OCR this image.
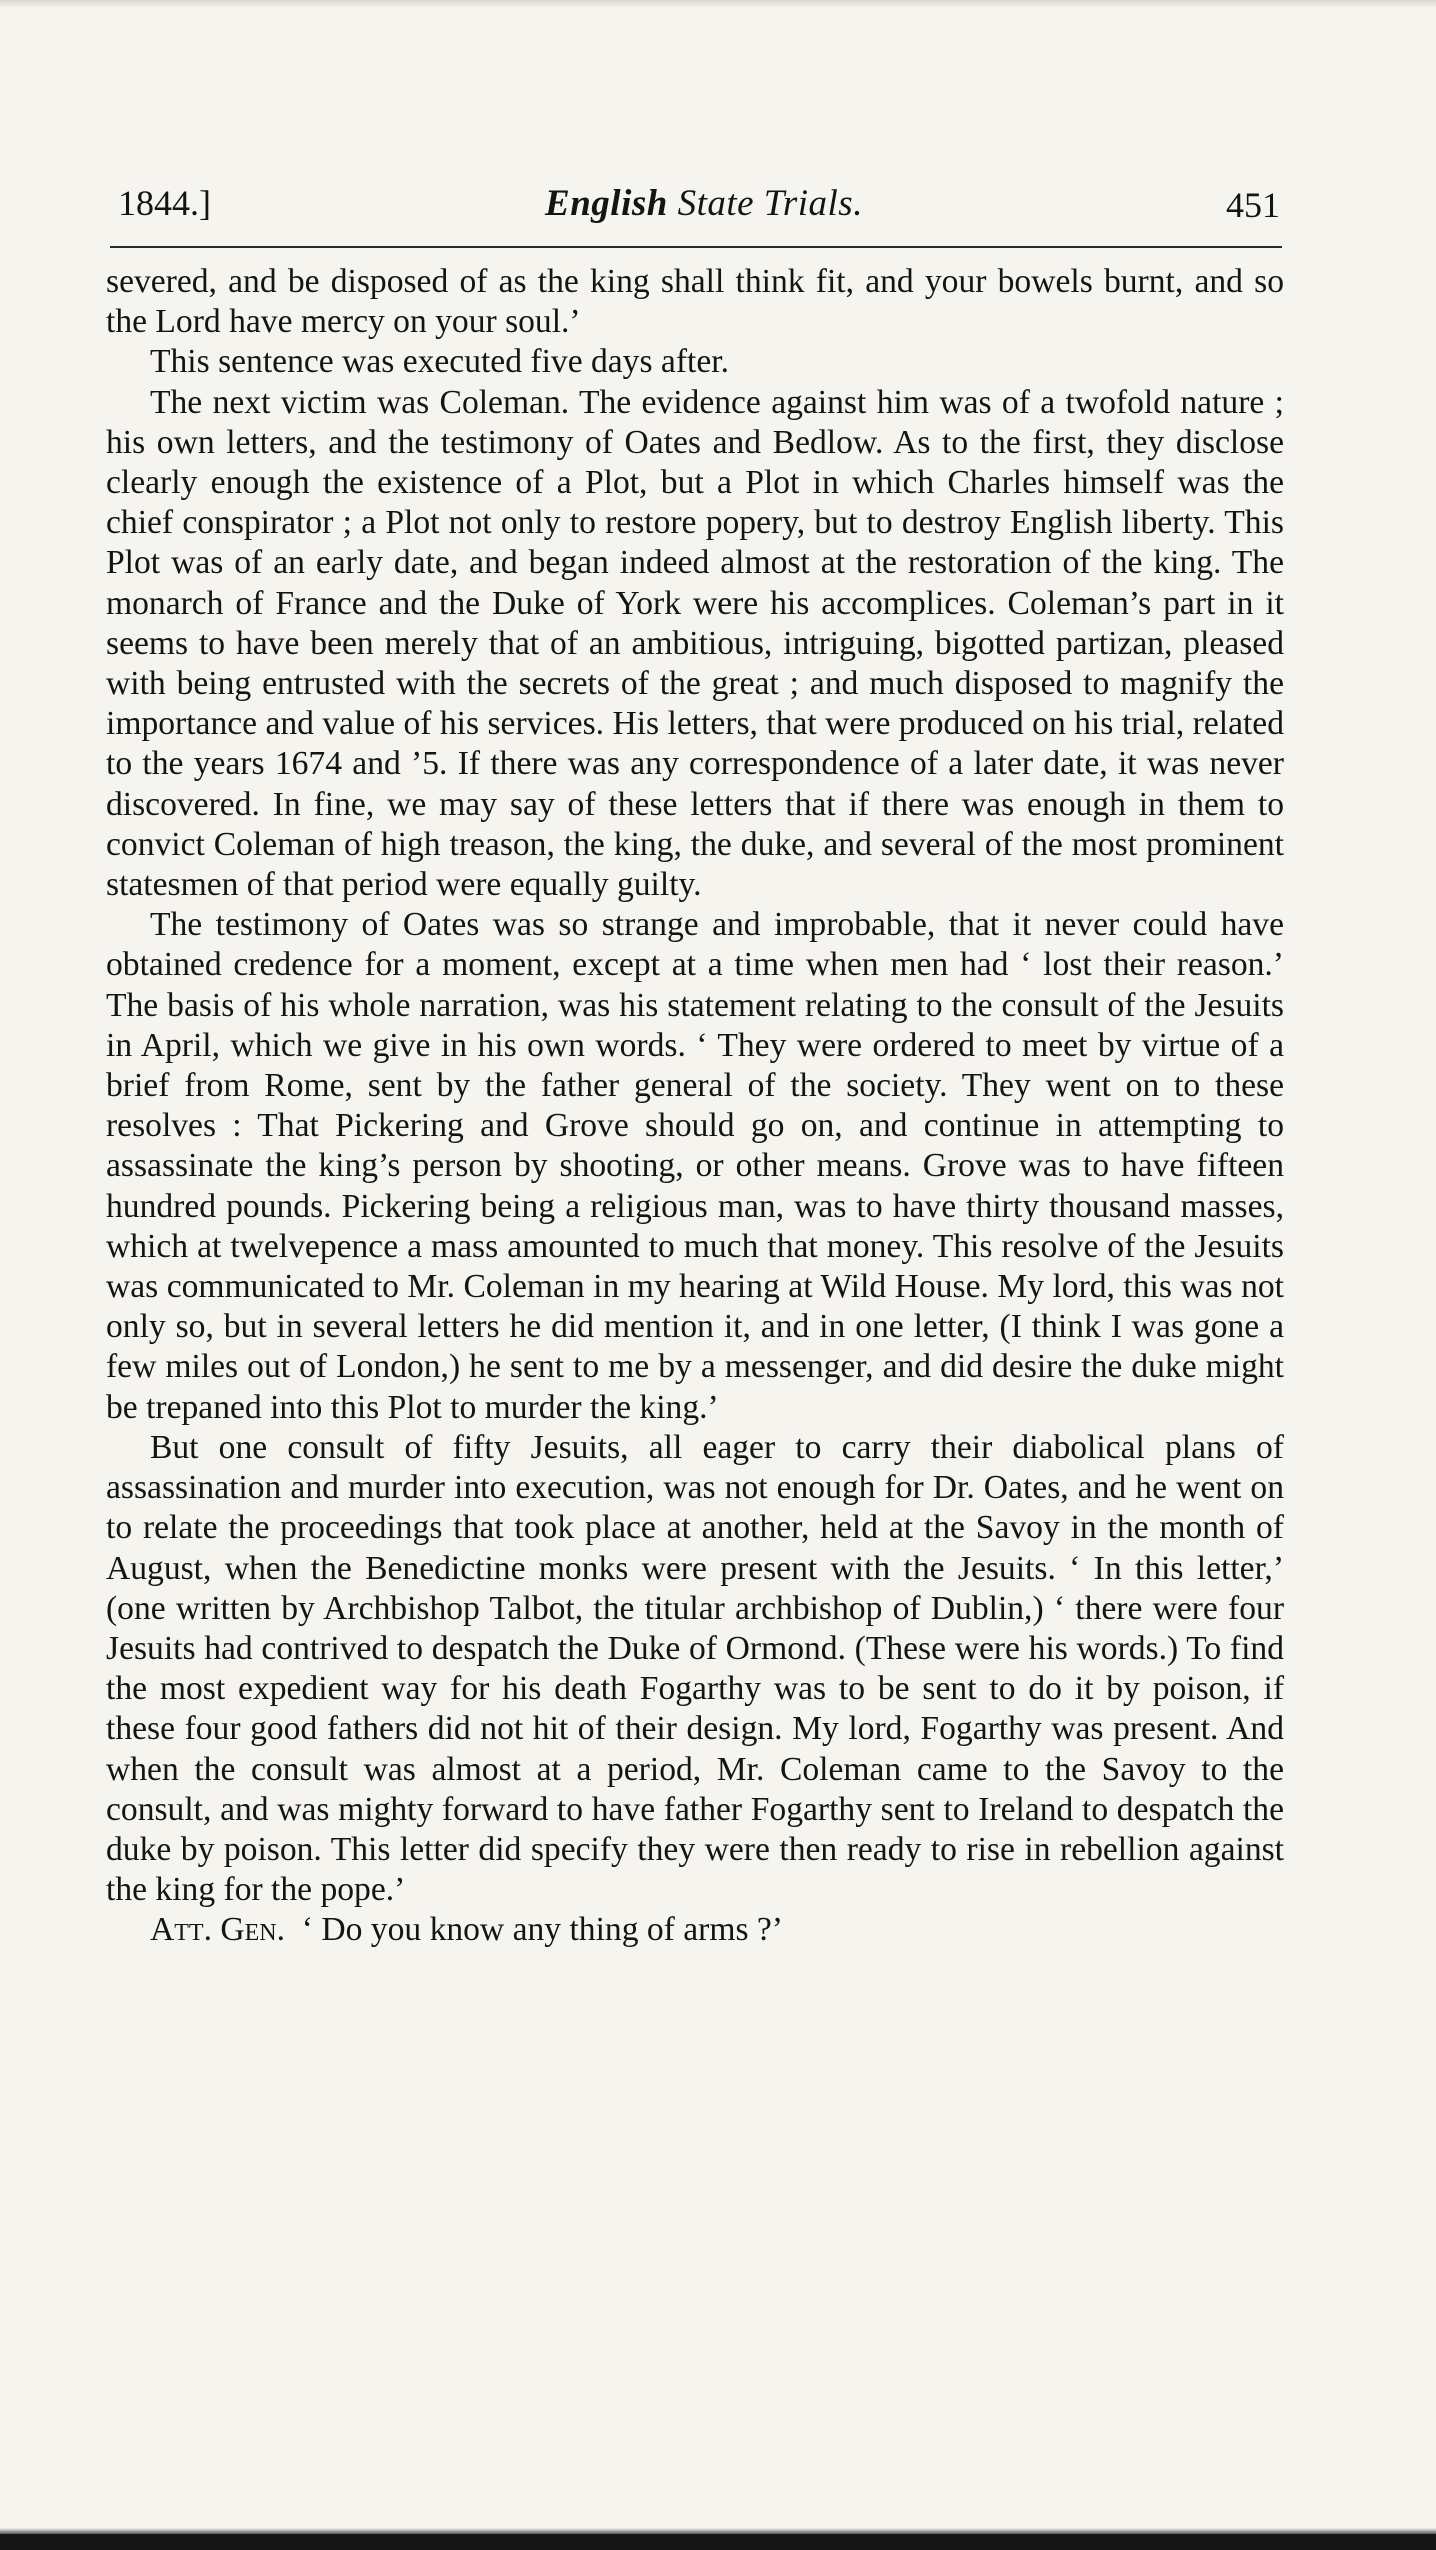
1844.]	English State Trials.	451

severed, and be disposed of as the king shall think fit, and your bowels burnt, and so the Lord have mercy on your soul.’

This sentence was executed five days after.

The next victim was Coleman. The evidence against him was of a twofold nature ; his own letters, and the testimony of Oates and Bedlow. As to the first, they disclose clearly enough the existence of a Plot, but a Plot in which Charles himself was the chief conspirator ; a Plot not only to restore popery, but to destroy English liberty. This Plot was of an early date, and began indeed almost at the restoration of the king. The monarch of France and the Duke of York were his accomplices. Coleman’s part in it seems to have been merely that of an ambitious, intriguing, bigotted partizan, pleased with being entrusted with the secrets of the great ; and much disposed to magnify the importance and value of his services. His letters, that were produced on his trial, related to the years 1674 and ’5. If there was any correspondence of a later date, it was never discovered. In fine, we may say of these letters that if there was enough in them to convict Coleman of high treason, the king, the duke, and several of the most prominent statesmen of that period were equally guilty.

The testimony of Oates was so strange and improbable, that it never could have obtained credence for a moment, except at a time when men had ‘ lost their reason.’ The basis of his whole narration, was his statement relating to the consult of the Jesuits in April, which we give in his own words. ‘ They were ordered to meet by virtue of a brief from Rome, sent by the father general of the society. They went on to these resolves : That Pickering and Grove should go on, and continue in attempting to assassinate the king’s person by shooting, or other means. Grove was to have fifteen hundred pounds. Pickering being a religious man, was to have thirty thousand masses, which at twelvepence a mass amounted to much that money. This resolve of the Jesuits was communicated to Mr. Coleman in my hearing at Wild House. My lord, this was not only so, but in several letters he did mention it, and in one letter, (I think I was gone a few miles out of London,) he sent to me by a messenger, and did desire the duke might be trepaned into this Plot to murder the king.’

But one consult of fifty Jesuits, all eager to carry their diabolical plans of assassination and murder into execution, was not enough for Dr. Oates, and he went on to relate the proceedings that took place at another, held at the Savoy in the month of August, when the Benedictine monks were present with the Jesuits. ‘ In this letter,’ (one written by Archbishop Talbot, the titular archbishop of Dublin,) ‘ there were four Jesuits had contrived to despatch the Duke of Ormond. (These were his words.) To find the most expedient way for his death Fogarthy was to be sent to do it by poison, if these four good fathers did not hit of their design. My lord, Fogarthy was present. And when the consult was almost at a period, Mr. Coleman came to the Savoy to the consult, and was mighty forward to have father Fogarthy sent to Ireland to despatch the duke by poison. This letter did specify they were then ready to rise in rebellion against the king for the pope.’

Att. Gen. ‘ Do you know any thing of arms ?’
